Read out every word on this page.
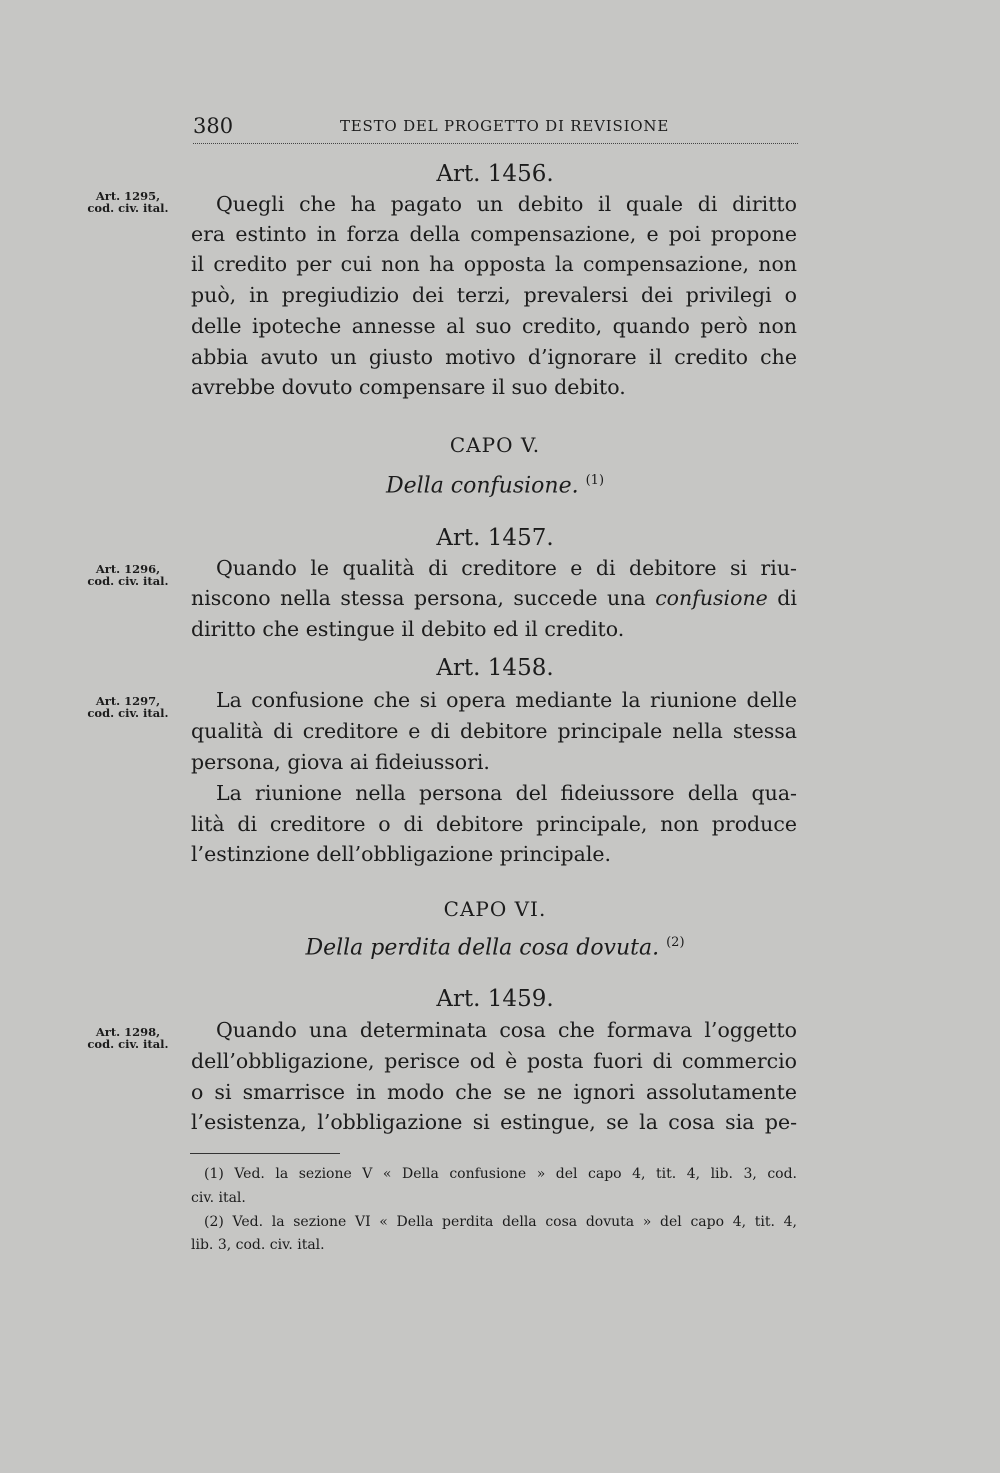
380	TESTO DEL PROGETTO DI REVISIONE
Art. 1456.
Art. 1295,
cod. civ. ital. Quegli che ha pagato un debito il quale di diritto
era estinto in forza della compensazione, e poi propone
il credito per cui non ha opposta la compensazione, non
può, in pregiudizio dei terzi, prevalersi dei privilegi o
delle ipoteche annesse al suo credito, quando però non
abbia avuto un giusto motivo d’ignorare il credito che
avrebbe dovuto compensare il suo debito.
CAPO V.
Della confusione. $^{(1)}$
Art. 1457.
Art. 1296,
cod. civ. ital.
Quando le qualità di creditore e di debitore si riu-
niscono nella stessa persona, succede una confusione di
diritto che estingue il debito ed il credito.
Art. 1458.
Art. 1297,
cod. civ. ital.
La confusione che si opera mediante la riunione delle
qualità di creditore e di debitore principale nella stessa
persona, giova ai fideiussori.
La riunione nella persona del fideiussore della qua-
lità di creditore o di debitore principale, non produce
l’estinzione dell’obbligazione principale.
CAPO VI.
Della perdita della cosa dovuta. $^{(2)}$
Art. 1459.
Art. 1298,
cod. civ. ital.
Quando una determinata cosa che formava l’oggetto
dell’obbligazione, perisce od è posta fuori di commercio
o si smarrisce in modo che se ne ignori assolutamente
l’esistenza, l’obbligazione si estingue, se la cosa sia pe-
(1) Ved. la sezione V « Della confusione » del capo 4, tit. 4, lib. 3, cod.
civ. ital.
(2) Ved. la sezione VI « Della perdita della cosa dovuta » del capo 4, tit. 4,
lib. 3, cod. civ. ital.
